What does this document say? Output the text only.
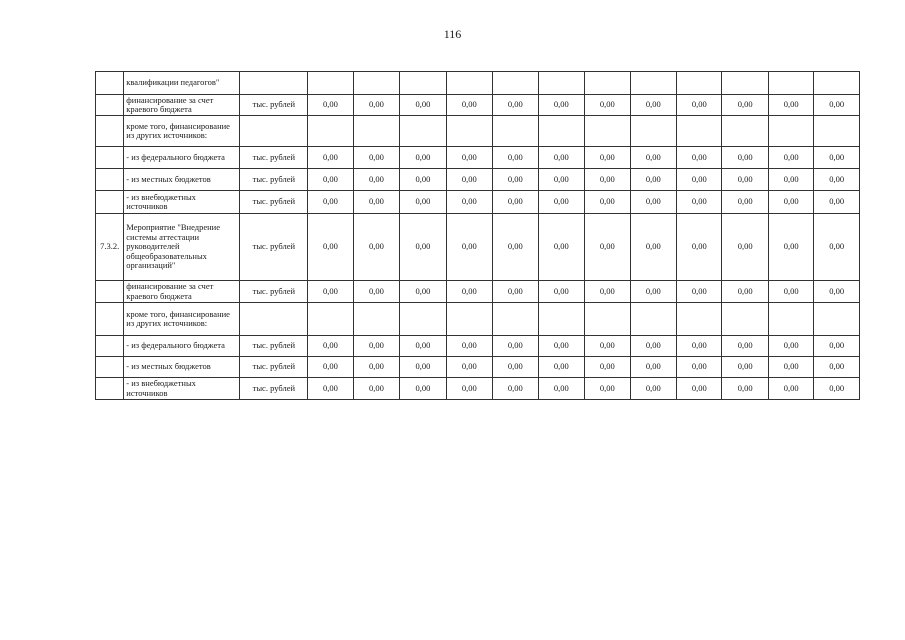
116
	квалификации педагогов"													
	финансирование за счет краевого бюджета	тыс. рублей	0,00	0,00	0,00	0,00	0,00	0,00	0,00	0,00	0,00	0,00	0,00	0,00
	кроме того, финансирование из других источников:													
	- из федерального бюджета	тыс. рублей	0,00	0,00	0,00	0,00	0,00	0,00	0,00	0,00	0,00	0,00	0,00	0,00
	- из местных бюджетов	тыс. рублей	0,00	0,00	0,00	0,00	0,00	0,00	0,00	0,00	0,00	0,00	0,00	0,00
	- из внебюджетных источников	тыс. рублей	0,00	0,00	0,00	0,00	0,00	0,00	0,00	0,00	0,00	0,00	0,00	0,00
7.3.2.	Мероприятие "Внедрение системы аттестации руководителей общеобразовательных организаций"	тыс. рублей	0,00	0,00	0,00	0,00	0,00	0,00	0,00	0,00	0,00	0,00	0,00	0,00
	финансирование за счет краевого бюджета	тыс. рублей	0,00	0,00	0,00	0,00	0,00	0,00	0,00	0,00	0,00	0,00	0,00	0,00
	кроме того, финансирование из других источников:													
	- из федерального бюджета	тыс. рублей	0,00	0,00	0,00	0,00	0,00	0,00	0,00	0,00	0,00	0,00	0,00	0,00
	- из местных бюджетов	тыс. рублей	0,00	0,00	0,00	0,00	0,00	0,00	0,00	0,00	0,00	0,00	0,00	0,00
	- из внебюджетных источников	тыс. рублей	0,00	0,00	0,00	0,00	0,00	0,00	0,00	0,00	0,00	0,00	0,00	0,00
